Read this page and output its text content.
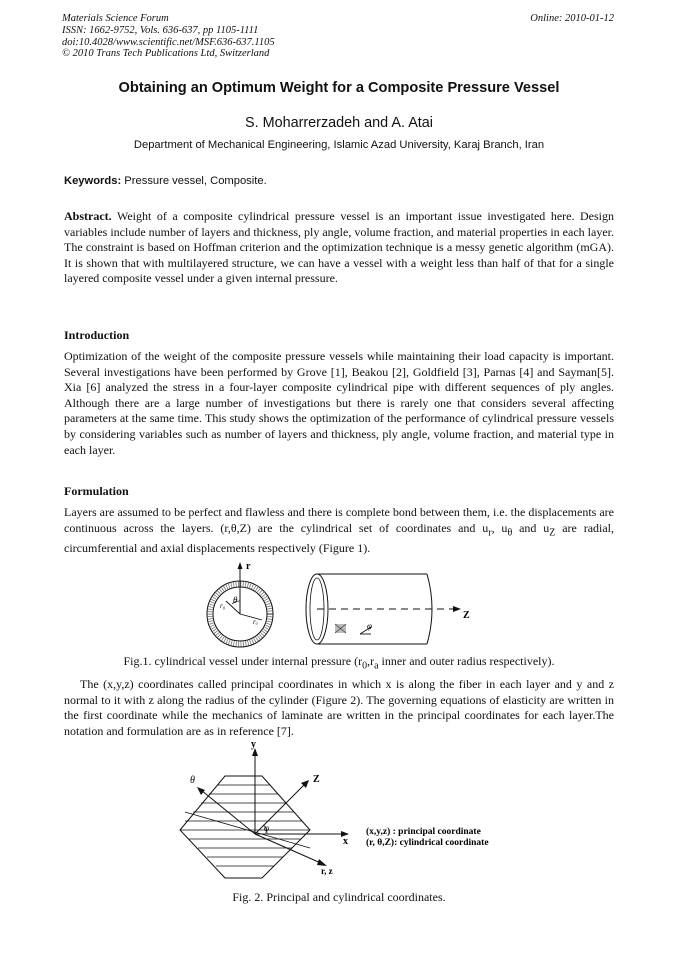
Materials Science Forum
ISSN: 1662-9752, Vols. 636-637, pp 1105-1111
doi:10.4028/www.scientific.net/MSF.636-637.1105
© 2010 Trans Tech Publications Ltd, Switzerland
Online: 2010-01-12
Obtaining an Optimum Weight for a Composite Pressure Vessel
S. Moharrerzadeh and A. Atai
Department of Mechanical Engineering, Islamic Azad University, Karaj Branch, Iran
Keywords: Pressure vessel, Composite.
Abstract. Weight of a composite cylindrical pressure vessel is an important issue investigated here. Design variables include number of layers and thickness, ply angle, volume fraction, and material properties in each layer. The constraint is based on Hoffman criterion and the optimization technique is a messy genetic algorithm (mGA). It is shown that with multilayered structure, we can have a vessel with a weight less than half of that for a single layered composite vessel under a given internal pressure.
Introduction
Optimization of the weight of the composite pressure vessels while maintaining their load capacity is important. Several investigations have been performed by Grove [1], Beakou [2], Goldfield [3], Parnas [4] and Sayman[5]. Xia [6] analyzed the stress in a four-layer composite cylindrical pipe with different sequences of ply angles. Although there are a large number of investigations but there is rarely one that considers several affecting parameters at the same time. This study shows the optimization of the performance of cylindrical pressure vessels by considering variables such as number of layers and thickness, ply angle, volume fraction, and material type in each layer.
Formulation
Layers are assumed to be perfect and flawless and there is complete bond between them, i.e. the displacements are continuous across the layers. (r,θ,Z) are the cylindrical set of coordinates and $u_r$, $u_\theta$ and $u_Z$ are radial, circumferential and axial displacements respectively (Figure 1).
r
θ
r₀
rₐ
Z
φ
Fig.1. cylindrical vessel under internal pressure ($r_0,r_a$ inner and outer radius respectively).
The (x,y,z) coordinates called principal coordinates in which x is along the fiber in each layer and y and z normal to it with z along the radius of the cylinder (Figure 2). The governing equations of elasticity are written in the first coordinate while the mechanics of laminate are written in the principal coordinates for each layer.The notation and formulation are as in reference [7].
y
θ	Z
x
φ
r, z
(x,y,z) : principal coordinate
(r, θ,Z): cylindrical coordinate
Fig. 2. Principal and cylindrical coordinates.
